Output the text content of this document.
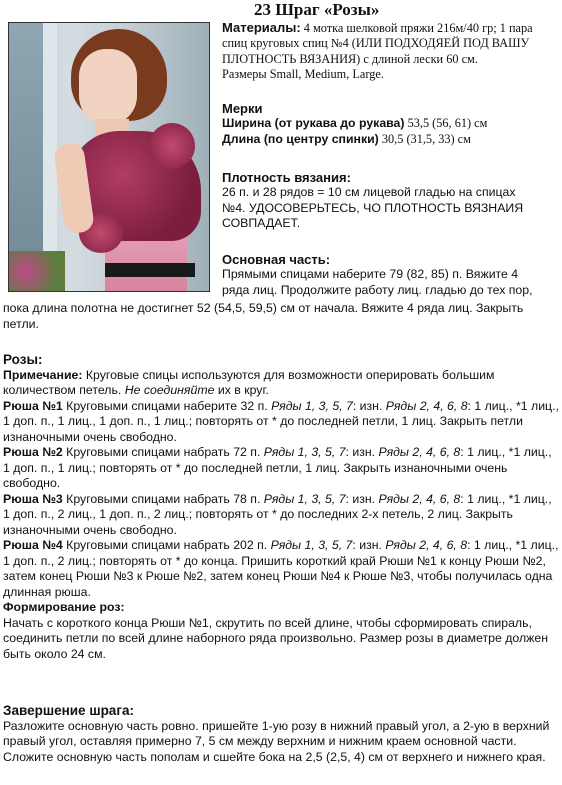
23 Шраг «Розы»

Материалы: 4 мотка шелковой пряжи 216м/40 гр; 1 пара спиц круговых спиц №4 (ИЛИ ПОДХОДЯЕЙ ПОД ВАШУ ПЛОТНОСТЬ ВЯЗАНИЯ) с длиной лески 60 см.

Размеры Small, Medium, Large.

Мерки

Ширина (от рукава до рукава) 53,5 (56, 61) см

Длина (по центру спинки) 30,5 (31,5, 33) см

Плотность вязания:

26 п. и 28 рядов = 10 см лицевой гладью на спицах

№4. УДОСОВЕРЬТЕСЬ, ЧО ПЛОТНОСТЬ ВЯЗНАИЯ

СОВПАДАЕТ.

Основная часть:

Прямыми спицами наберите 79 (82, 85) п. Вяжите 4

ряда лиц. Продолжите работу лиц. гладью до тех пор,

пока длина полотна не достигнет 52 (54,5, 59,5) см от начала. Вяжите 4 ряда лиц. Закрыть петли.

Розы:

Примечание: Круговые спицы используются для возможности оперировать большим количеством петель. Не соединяйте их в круг.

Рюша №1 Круговыми спицами наберите 32 п. Ряды 1, 3, 5, 7: изн. Ряды 2, 4, 6, 8: 1 лиц., *1 лиц., 1 доп. п., 1 лиц., 1 доп. п., 1 лиц.; повторять от * до последней петли, 1 лиц. Закрыть петли изнаночными очень свободно.

Рюша №2 Круговыми спицами набрать 72 п. Ряды 1, 3, 5, 7: изн. Ряды 2, 4, 6, 8: 1 лиц., *1 лиц., 1 доп. п., 1 лиц.; повторять от * до последней петли, 1 лиц. Закрыть изнаночными очень свободно.

Рюша №3 Круговыми спицами набрать 78 п. Ряды 1, 3, 5, 7: изн. Ряды 2, 4, 6, 8: 1 лиц., *1 лиц., 1 доп. п., 2 лиц., 1 доп. п., 2 лиц.; повторять от * до последних 2-х петель, 2 лиц. Закрыть изнаночными очень свободно.

Рюша №4 Круговыми спицами набрать 202 п. Ряды 1, 3, 5, 7: изн. Ряды 2, 4, 6, 8: 1 лиц., *1 лиц., 1 доп. п., 2 лиц.; повторять от * до конца. Пришить короткий край Рюши №1 к концу Рюши №2, затем конец Рюши №3 к Рюше №2, затем конец Рюши №4 к Рюше №3, чтобы получилась одна длинная рюша.

Формирование роз:

Начать с короткого конца Рюши №1, скрутить по всей длине, чтобы сформировать спираль, соединить петли по всей длине наборного ряда произвольно. Размер розы в диаметре должен быть около 24 см.

Завершение шрага:

Разложите основную часть ровно. пришейте 1-ую розу в нижний правый угол, а 2-ую в верхний правый угол, оставляя примерно 7, 5 см между верхним и нижним краем основной части. Сложите основную часть пополам и сшейте бока на 2,5 (2,5, 4) см от верхнего и нижнего края.
